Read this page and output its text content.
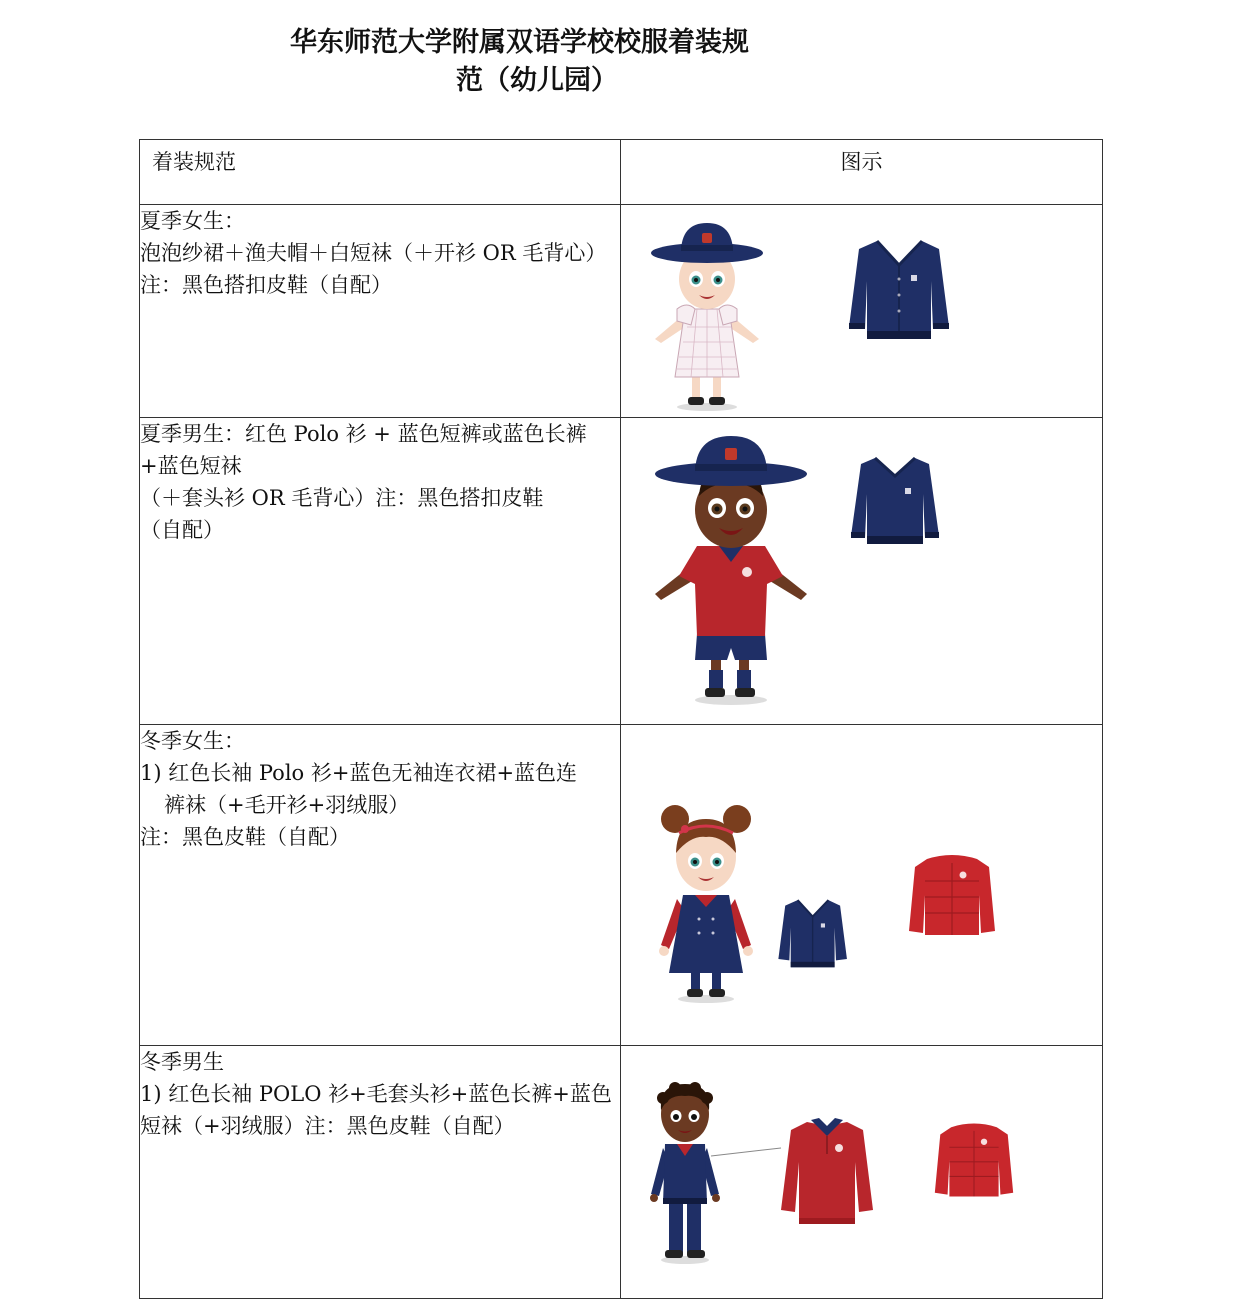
华东师范大学附属双语学校校服着装规
范（幼儿园）
着装规范	图示

夏季女生：
泡泡纱裙＋渔夫帽＋白短袜（＋开衫 OR 毛背心）注：黑色搭扣皮鞋（自配）

夏季男生：红色 Polo 衫 + 蓝色短裤或蓝色长裤+蓝色短袜
（＋套头衫 OR 毛背心）注：黑色搭扣皮鞋
（自配）

冬季女生：
1) 红色长袖 Polo 衫+蓝色无袖连衣裙+蓝色连
裤袜（+毛开衫+羽绒服）
注：黑色皮鞋（自配）

冬季男生
1) 红色长袖 POLO 衫+毛套头衫+蓝色长裤+蓝色短袜（+羽绒服）注：黑色皮鞋（自配）
